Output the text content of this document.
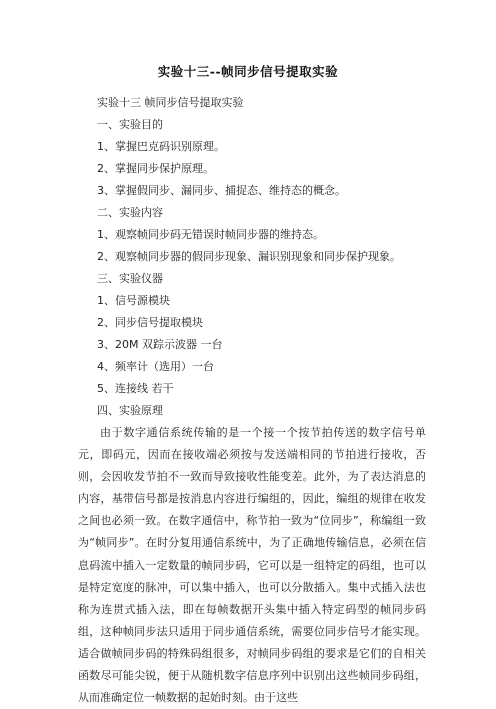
实验十三--帧同步信号提取实验
实验十三 帧同步信号提取实验
一、实验目的
1、掌握巴克码识别原理。
2、掌握同步保护原理。
3、掌握假同步、漏同步、捕捉态、维持态的概念。
二、实验内容
1、观察帧同步码无错误时帧同步器的维持态。
2、观察帧同步器的假同步现象、漏识别现象和同步保护现象。
三、实验仪器
1、信号源模块
2、同步信号提取模块
3、20M 双踪示波器 一台
4、频率计（选用）一台
5、连接线 若干
四、实验原理
由于数字通信系统传输的是一个接一个按节拍传送的数字信号单元，即码元，因而在接收端必须按与发送端相同的节拍进行接收，否则，会因收发节拍不一致而导致接收性能变差。此外，为了表达消息的内容，基带信号都是按消息内容进行编组的，因此，编组的规律在收发之间也必须一致。在数字通信中，称节拍一致为“位同步”，称编组一致为“帧同步”。在时分复用通信系统中，为了正确地传输信息，必须在信息码流中插入一定数量的帧同步码，它可以是一组特定的码组，也可以是特定宽度的脉冲，可以集中插入，也可以分散插入。集中式插入法也称为连贯式插入法，即在每帧数据开头集中插入特定码型的帧同步码组，这种帧同步法只适用于同步通信系统，需要位同步信号才能实现。适合做帧同步码的特殊码组很多，对帧同步码组的要求是它们的自相关函数尽可能尖锐，便于从随机数字信息序列中识别出这些帧同步码组，从而准确定位一帧数据的起始时刻。由于这些
